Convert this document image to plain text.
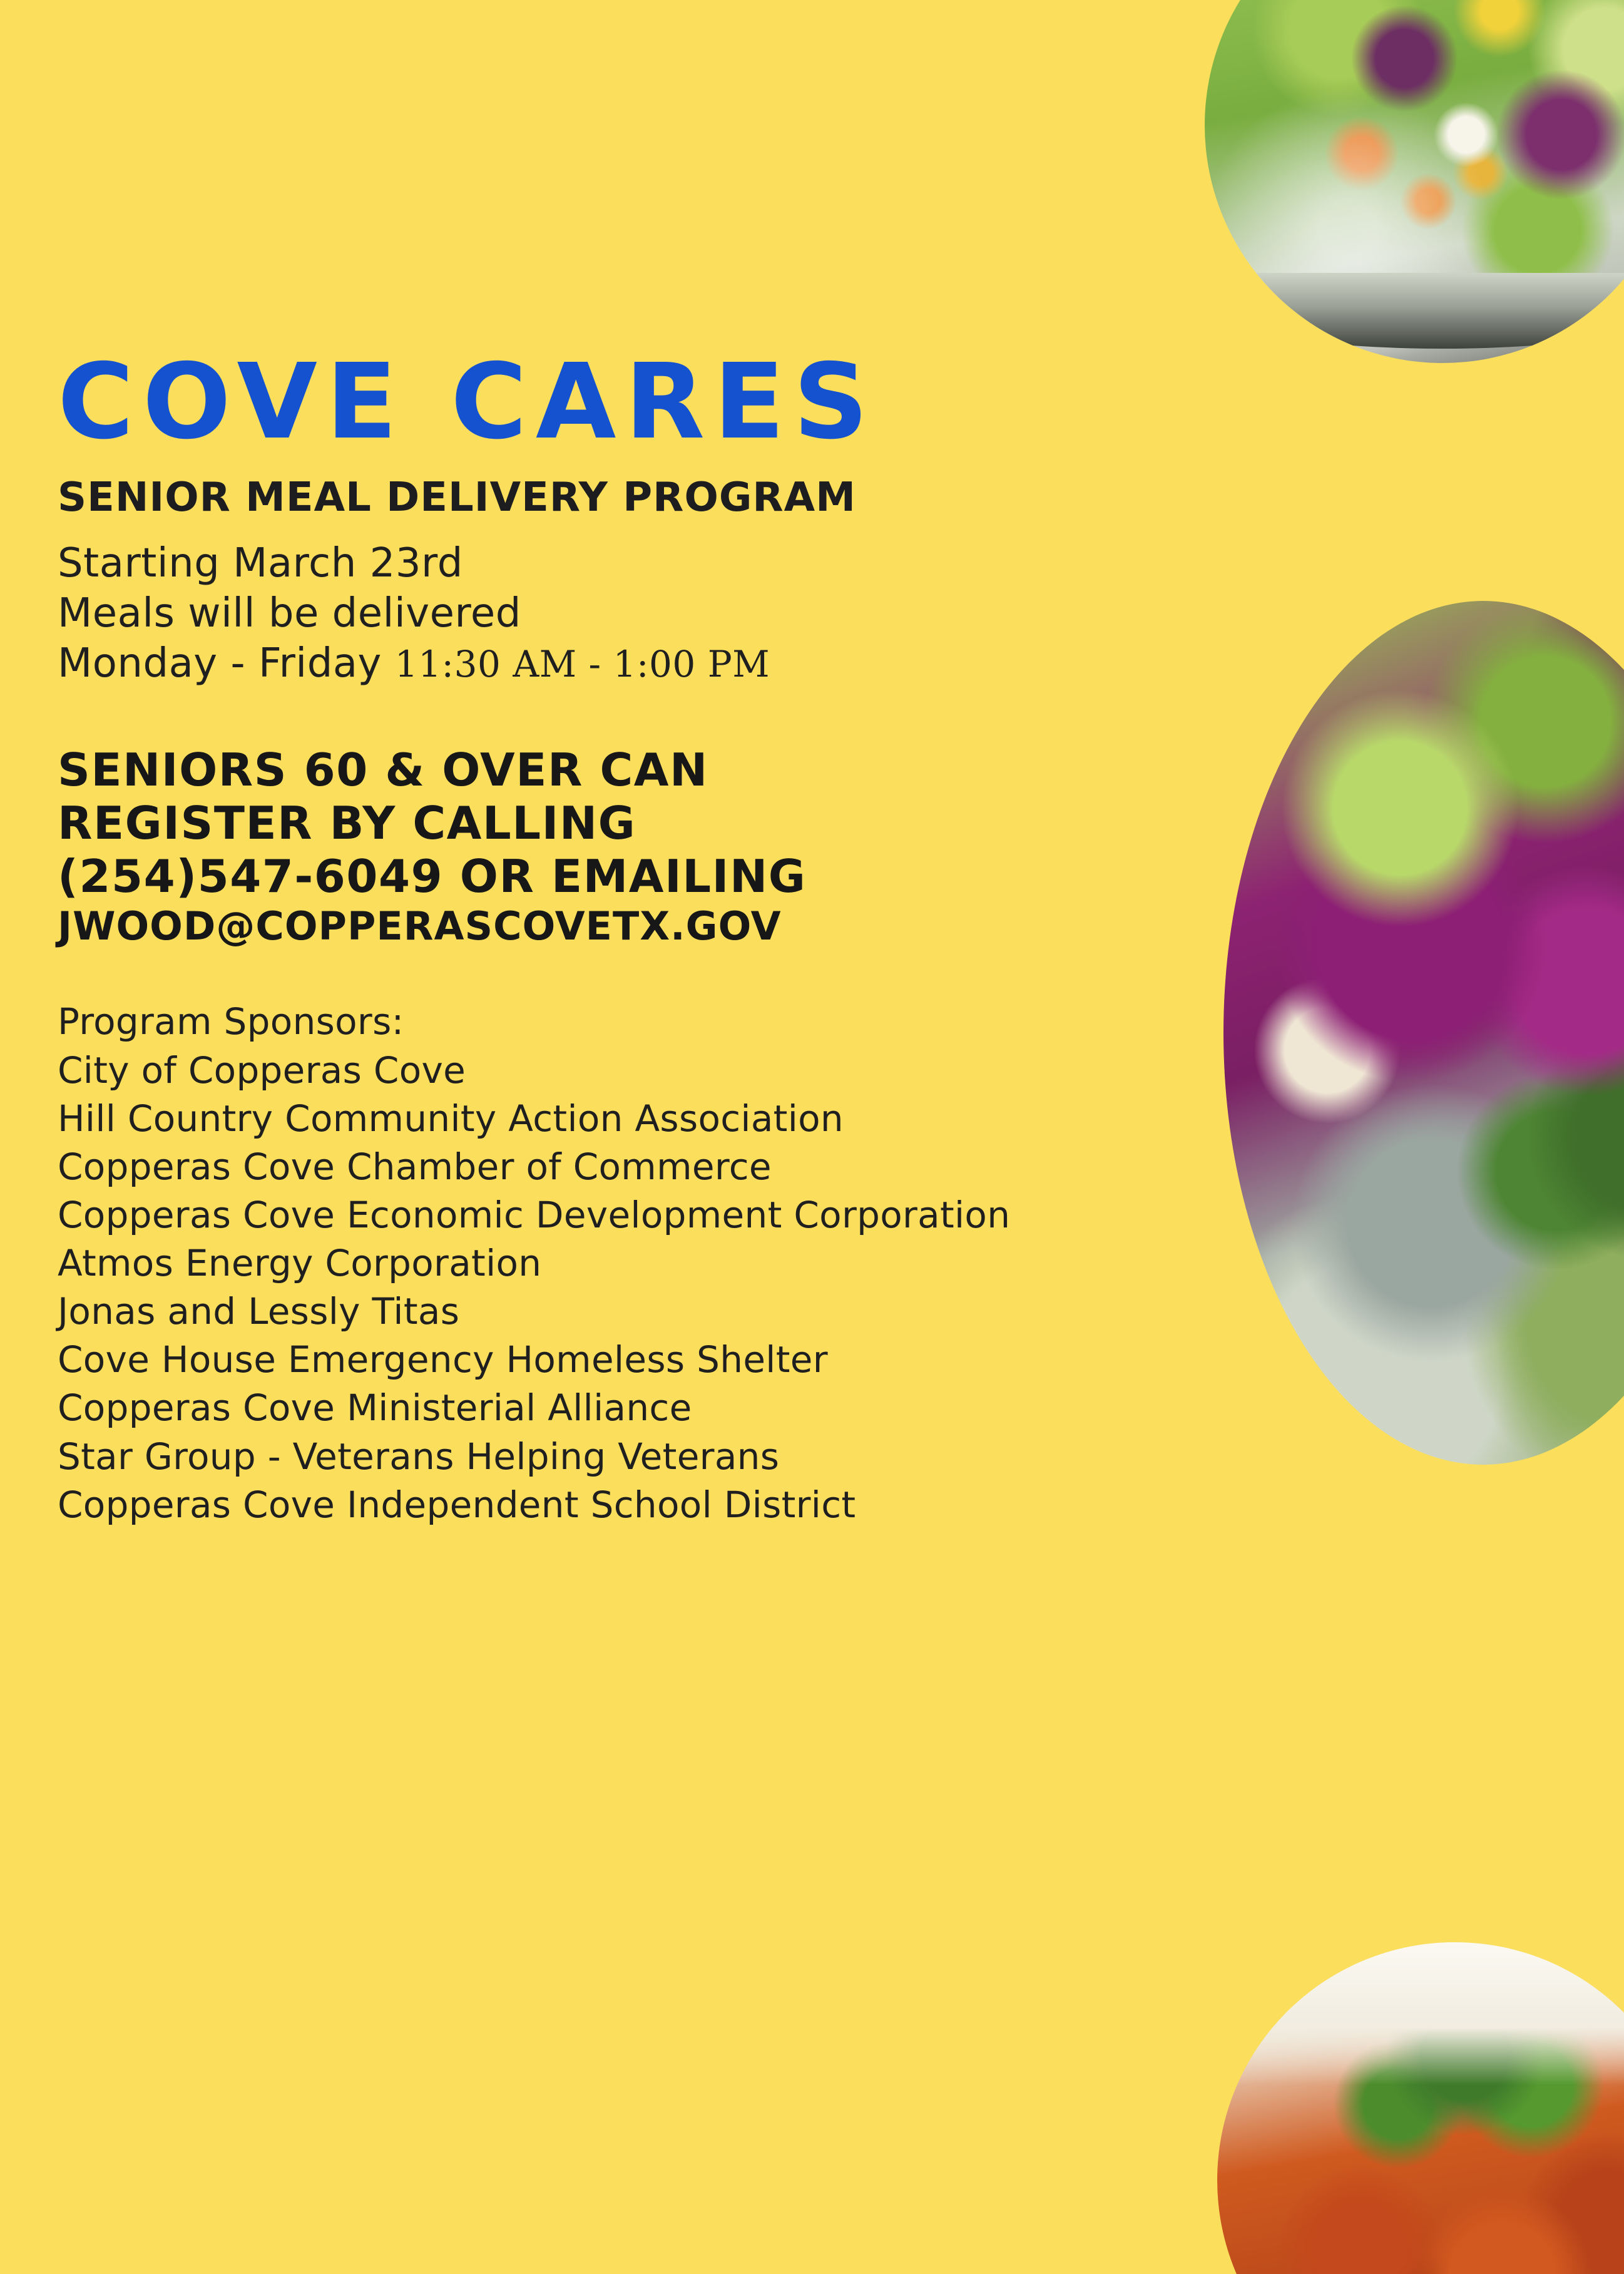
COVE CARES
SENIOR MEAL DELIVERY PROGRAM
Starting March 23rd
Meals will be delivered
Monday - Friday 11:30 AM - 1:00 PM
SENIORS 60 & OVER CAN
REGISTER BY CALLING
(254)547-6049 OR EMAILING
JWOOD@COPPERASCOVETX.GOV
Program Sponsors:
City of Copperas Cove
Hill Country Community Action Association
Copperas Cove Chamber of Commerce
Copperas Cove Economic Development Corporation
Atmos Energy Corporation
Jonas and Lessly Titas
Cove House Emergency Homeless Shelter
Copperas Cove Ministerial Alliance
Star Group - Veterans Helping Veterans
Copperas Cove Independent School District
